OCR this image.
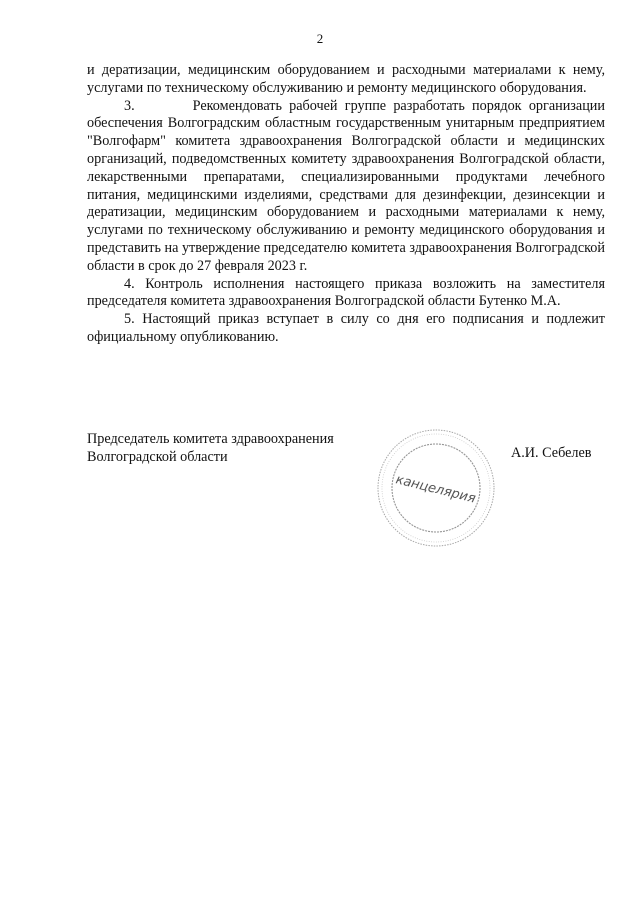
2

и дератизации, медицинским оборудованием и расходными материалами к нему, услугами по техническому обслуживанию и ремонту медицинского оборудования.

3.        Рекомендовать рабочей группе разработать порядок организации обеспечения Волгоградским областным государственным унитарным предприятием "Волгофарм" комитета здравоохранения Волгоградской области и медицинских организаций, подведомственных комитету здравоохранения Волгоградской области, лекарственными препаратами, специализированными продуктами лечебного питания, медицинскими изделиями, средствами для дезинфекции, дезинсекции и дератизации, медицинским оборудованием и расходными материалами к нему, услугами по техническому обслуживанию и ремонту медицинского оборудования и представить на утверждение председателю комитета здравоохранения Волгоградской области в срок до 27 февраля 2023 г.

4. Контроль исполнения настоящего приказа возложить на заместителя председателя комитета здравоохранения Волгоградской области Бутенко М.А.

5. Настоящий приказ вступает в силу со дня его подписания и подлежит официальному опубликованию.

Председатель комитета здравоохранения Волгоградской области	А.И. Себелев
канцелярия
